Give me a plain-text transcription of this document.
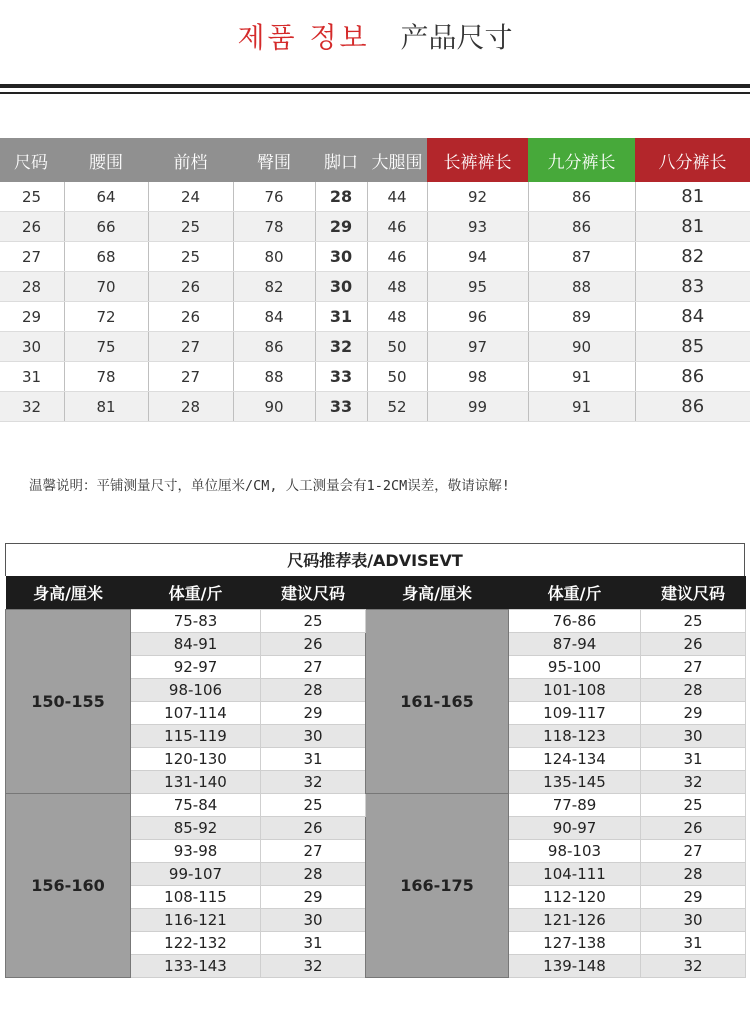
제품 정보 产品尺寸
尺码	腰围	前档	臀围	脚口	大腿围	长裤裤长	九分裤长	八分裤长
25	64	24	76	28	44	92	86	81
26	66	25	78	29	46	93	86	81
27	68	25	80	30	46	94	87	82
28	70	26	82	30	48	95	88	83
29	72	26	84	31	48	96	89	84
30	75	27	86	32	50	97	90	85
31	78	27	88	33	50	98	91	86
32	81	28	90	33	52	99	91	86
温馨说明：平铺测量尺寸，单位厘米/CM, 人工测量会有1-2CM误差，敬请谅解!
尺码推荐表/ADVISEVT
身高/厘米	体重/斤	建议尺码	身高/厘米	体重/斤	建议尺码
150-155	75-83	25	161-165	76-86	25
	84-91	26		87-94	26
	92-97	27		95-100	27
	98-106	28		101-108	28
	107-114	29		109-117	29
	115-119	30		118-123	30
	120-130	31		124-134	31
	131-140	32		135-145	32
156-160	75-84	25	166-175	77-89	25
	85-92	26		90-97	26
	93-98	27		98-103	27
	99-107	28		104-111	28
	108-115	29		112-120	29
	116-121	30		121-126	30
	122-132	31		127-138	31
	133-143	32		139-148	32
